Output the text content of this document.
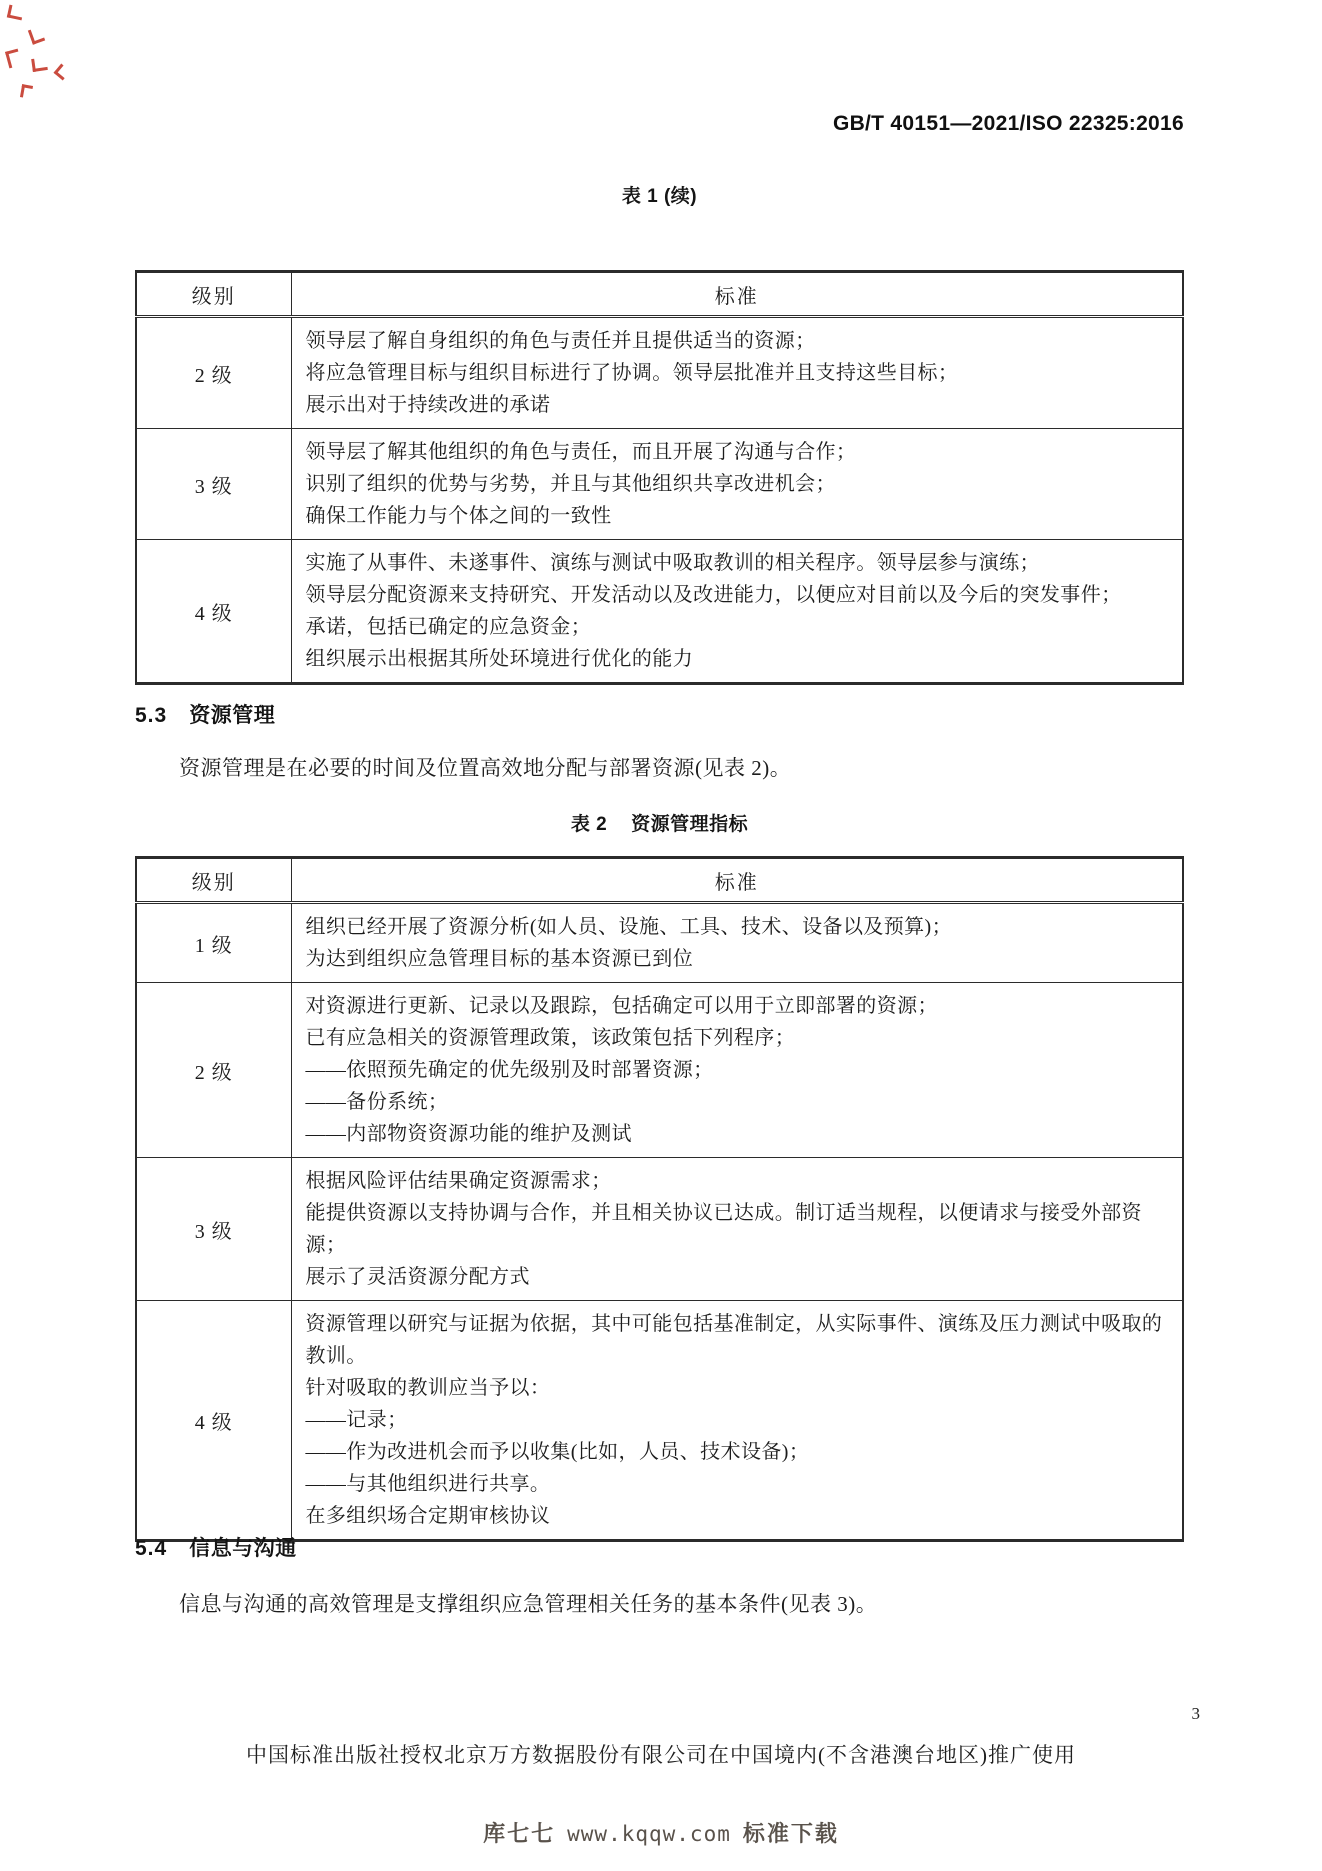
GB/T 40151—2021/ISO 22325:2016
表 1 (续)
级别	标准
2 级	领导层了解自身组织的角色与责任并且提供适当的资源；
将应急管理目标与组织目标进行了协调。领导层批准并且支持这些目标；
展示出对于持续改进的承诺

3 级	领导层了解其他组织的角色与责任，而且开展了沟通与合作；
识别了组织的优势与劣势，并且与其他组织共享改进机会；
确保工作能力与个体之间的一致性

4 级	实施了从事件、未遂事件、演练与测试中吸取教训的相关程序。领导层参与演练；
领导层分配资源来支持研究、开发活动以及改进能力，以便应对目前以及今后的突发事件；
承诺，包括已确定的应急资金；
组织展示出根据其所处环境进行优化的能力
5.3 资源管理
资源管理是在必要的时间及位置高效地分配与部署资源(见表 2)。
表 2 资源管理指标
级别	标准
1 级	组织已经开展了资源分析(如人员、设施、工具、技术、设备以及预算)；
为达到组织应急管理目标的基本资源已到位

2 级	对资源进行更新、记录以及跟踪，包括确定可以用于立即部署的资源；
已有应急相关的资源管理政策，该政策包括下列程序；
——依照预先确定的优先级别及时部署资源；
——备份系统；
——内部物资资源功能的维护及测试

3 级	根据风险评估结果确定资源需求；
能提供资源以支持协调与合作，并且相关协议已达成。制订适当规程，以便请求与接受外部资源；
展示了灵活资源分配方式

4 级	
资源管理以研究与证据为依据，其中可能包括基准制定，从实际事件、演练及压力测试中吸取的教训。
针对吸取的教训应当予以：
——记录；
——作为改进机会而予以收集(比如，人员、技术设备)；
——与其他组织进行共享。
在多组织场合定期审核协议
5.4 信息与沟通
信息与沟通的高效管理是支撑组织应急管理相关任务的基本条件(见表 3)。
3
中国标准出版社授权北京万方数据股份有限公司在中国境内(不含港澳台地区)推广使用
库七七 www.kqqw.com 标准下载
